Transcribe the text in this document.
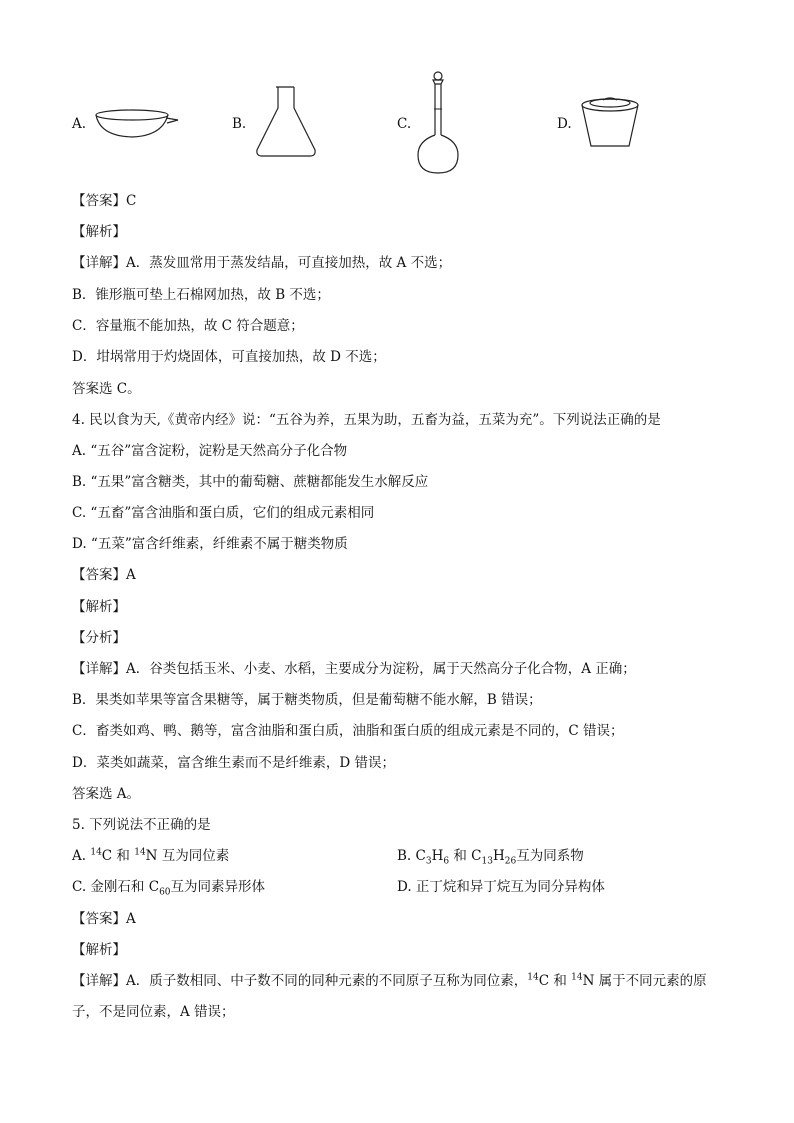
A.	B.	C.	D.
【答案】C
【解析】
【详解】A．蒸发皿常用于蒸发结晶，可直接加热，故 A 不选；
B．锥形瓶可垫上石棉网加热，故 B 不选；
C．容量瓶不能加热，故 C 符合题意；
D．坩埚常用于灼烧固体，可直接加热，故 D 不选；
答案选 C。
4. 民以食为天,《黄帝内经》说：“五谷为养，五果为助，五畜为益，五菜为充”。下列说法正确的是
A. “五谷”富含淀粉，淀粉是天然高分子化合物
B. “五果”富含糖类，其中的葡萄糖、蔗糖都能发生水解反应
C. “五畜”富含油脂和蛋白质，它们的组成元素相同
D. “五菜”富含纤维素，纤维素不属于糖类物质
【答案】A
【解析】
【分析】
【详解】A．谷类包括玉米、小麦、水稻，主要成分为淀粉，属于天然高分子化合物，A 正确；
B．果类如苹果等富含果糖等，属于糖类物质，但是葡萄糖不能水解，B 错误；
C．畜类如鸡、鸭、鹅等，富含油脂和蛋白质，油脂和蛋白质的组成元素是不同的，C 错误；
D．菜类如蔬菜，富含维生素而不是纤维素，D 错误；
答案选 A。
5. 下列说法不正确的是
A. $^{14}$C 和 $^{14}$N 互为同位素	B. $C_3H_6$ 和 $C_{13}H_{26}$互为同系物
C. 金刚石和 $C_{60}$互为同素异形体	D. 正丁烷和异丁烷互为同分异构体
【答案】A
【解析】
【详解】A．质子数相同、中子数不同的同种元素的不同原子互称为同位素，$^{14}$C 和 $^{14}$N 属于不同元素的原
子，不是同位素，A 错误；
